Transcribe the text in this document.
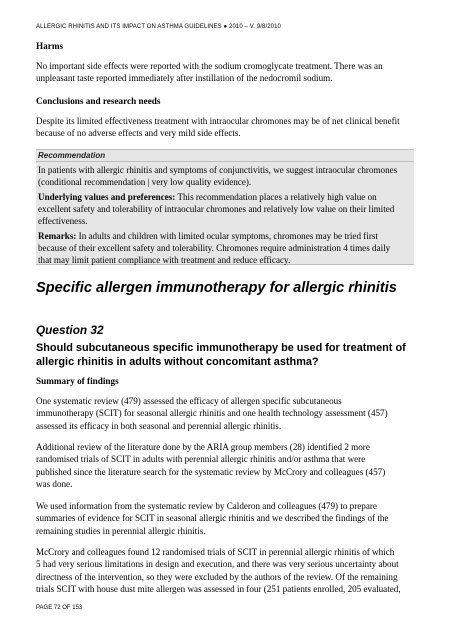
ALLERGIC RHINITIS AND ITS IMPACT ON ASTHMA GUIDELINES ● 2010 – V. 9/8/2010
Harms
No important side effects were reported with the sodium cromoglycate treatment. There was an
unpleasant taste reported immediately after instillation of the nedocromil sodium.
Conclusions and research needs
Despite its limited effectiveness treatment with intraocular chromones may be of net clinical benefit
because of no adverse effects and very mild side effects.
Recommendation
In patients with allergic rhinitis and symptoms of conjunctivitis, we suggest intraocular chromones
(conditional recommendation | very low quality evidence).
Underlying values and preferences: This recommendation places a relatively high value on
excellent safety and tolerability of intraocular chromones and relatively low value on their limited
effectiveness.
Remarks: In adults and children with limited ocular symptoms, chromones may be tried first
because of their excellent safety and tolerability. Chromones require administration 4 times daily
that may limit patient compliance with treatment and reduce efficacy.
Specific allergen immunotherapy for allergic rhinitis
Question 32
Should subcutaneous specific immunotherapy be used for treatment of
allergic rhinitis in adults without concomitant asthma?
Summary of findings
One systematic review (479) assessed the efficacy of allergen specific subcutaneous
immunotherapy (SCIT) for seasonal allergic rhinitis and one health technology assessment (457)
assessed its efficacy in both seasonal and perennial allergic rhinitis.
Additional review of the literature done by the ARIA group members (28) identified 2 more
randomised trials of SCIT in adults with perennial allergic rhinitis and/or asthma that were
published since the literature search for the systematic review by McCrory and colleagues (457)
was done.
We used information from the systematic review by Calderon and colleagues (479) to prepare
summaries of evidence for SCIT in seasonal allergic rhinitis and we described the findings of the
remaining studies in perennial allergic rhinitis.
McCrory and colleagues found 12 randomised trials of SCIT in perennial allergic rhinitis of which
5 had very serious limitations in design and execution, and there was very serious uncertainty about
directness of the intervention, so they were excluded by the authors of the review. Of the remaining
trials SCIT with house dust mite allergen was assessed in four (251 patients enrolled, 205 evaluated,
PAGE 72 OF 153
